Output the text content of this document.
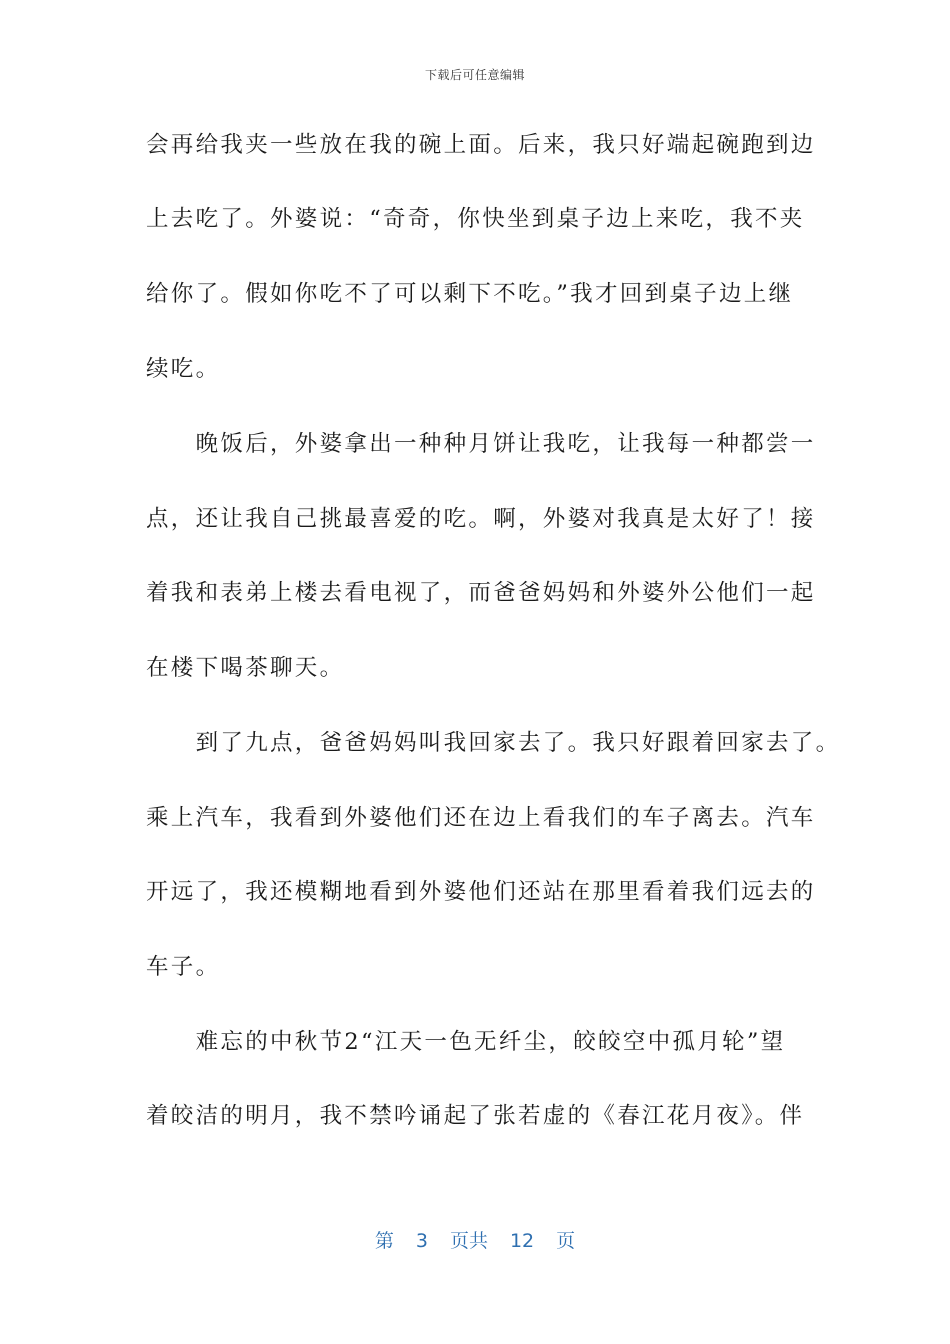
下载后可任意编辑
会再给我夹一些放在我的碗上面。后来，我只好端起碗跑到边
上去吃了。外婆说：“奇奇，你快坐到桌子边上来吃，我不夹
给你了。假如你吃不了可以剩下不吃。”我才回到桌子边上继
续吃。
　　晚饭后，外婆拿出一种种月饼让我吃，让我每一种都尝一
点，还让我自己挑最喜爱的吃。啊，外婆对我真是太好了！接
着我和表弟上楼去看电视了，而爸爸妈妈和外婆外公他们一起
在楼下喝茶聊天。
　　到了九点，爸爸妈妈叫我回家去了。我只好跟着回家去了。
乘上汽车，我看到外婆他们还在边上看我们的车子离去。汽车
开远了，我还模糊地看到外婆他们还站在那里看着我们远去的
车子。
　　难忘的中秋节2“江天一色无纤尘，皎皎空中孤月轮”望
着皎洁的明月，我不禁吟诵起了张若虚的《春江花月夜》。伴
第 3 页共 12 页
